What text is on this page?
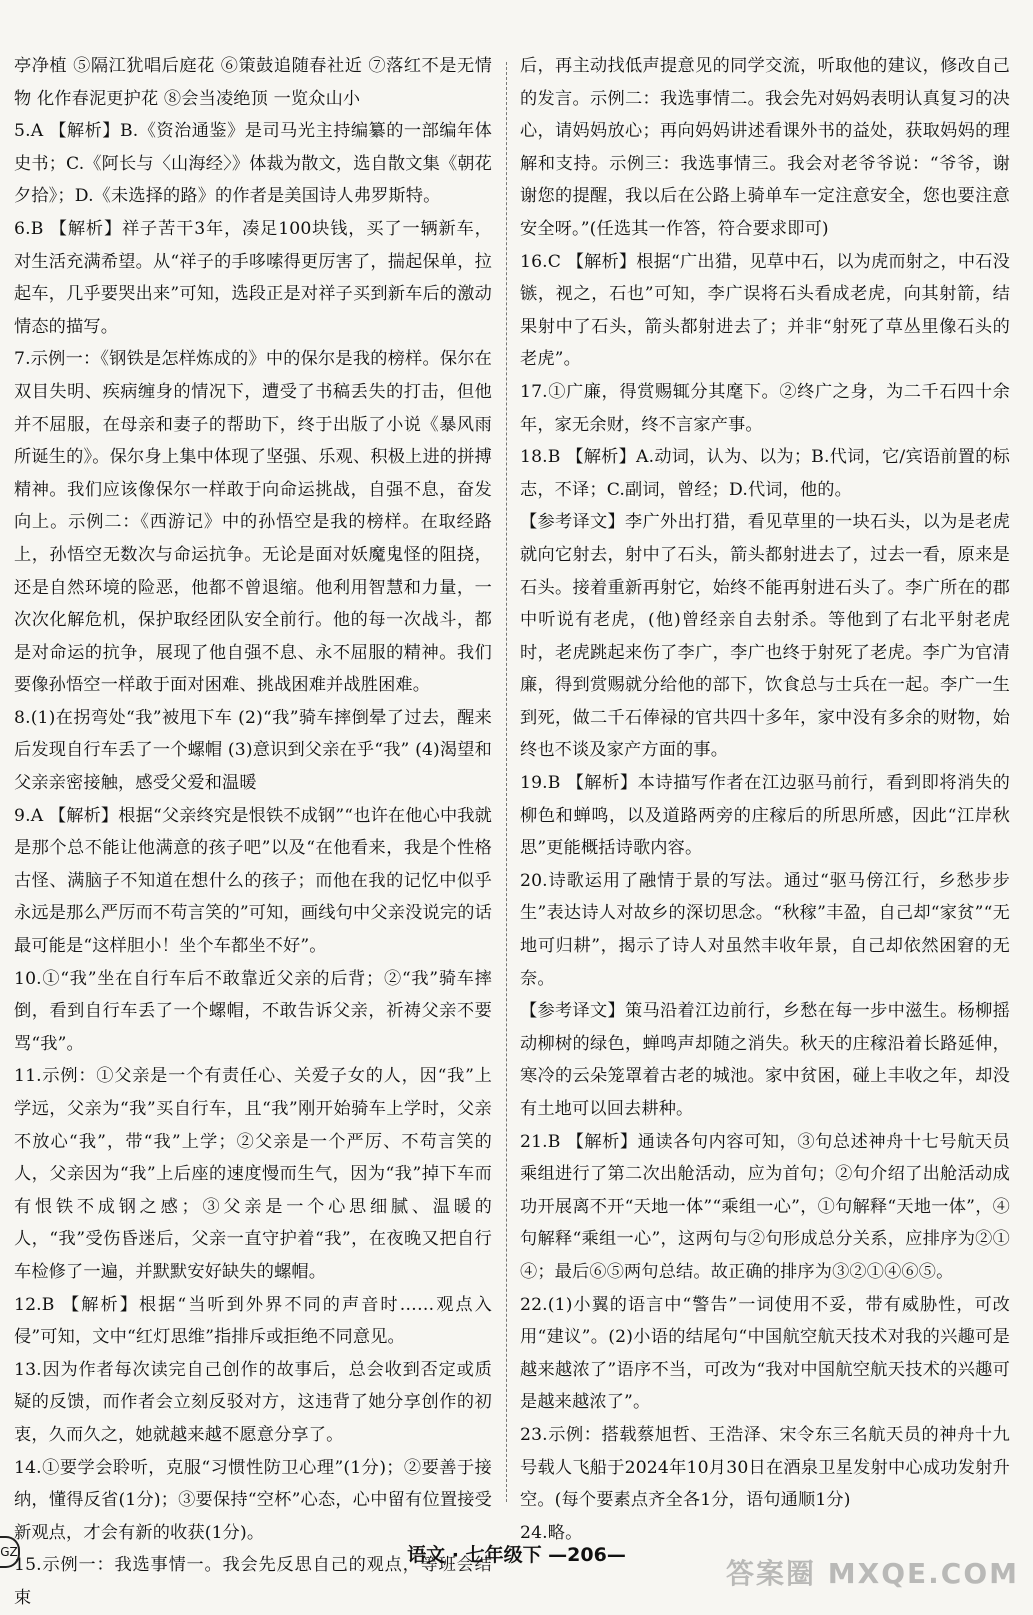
亭净植 ⑤隔江犹唱后庭花 ⑥策鼓追随春社近 ⑦落红不是无情物 化作春泥更护花 ⑧会当凌绝顶 一览众山小

5.A 【解析】B.《资治通鉴》是司马光主持编纂的一部编年体史书；C.《阿长与〈山海经〉》体裁为散文，选自散文集《朝花夕拾》；D.《未选择的路》的作者是美国诗人弗罗斯特。

6.B 【解析】祥子苦干3年，凑足100块钱，买了一辆新车，对生活充满希望。从“祥子的手哆嗦得更厉害了，揣起保单，拉起车，几乎要哭出来”可知，选段正是对祥子买到新车后的激动情态的描写。

7.示例一：《钢铁是怎样炼成的》中的保尔是我的榜样。保尔在双目失明、疾病缠身的情况下，遭受了书稿丢失的打击，但他并不屈服，在母亲和妻子的帮助下，终于出版了小说《暴风雨所诞生的》。保尔身上集中体现了坚强、乐观、积极上进的拼搏精神。我们应该像保尔一样敢于向命运挑战，自强不息，奋发向上。示例二：《西游记》中的孙悟空是我的榜样。在取经路上，孙悟空无数次与命运抗争。无论是面对妖魔鬼怪的阻挠，还是自然环境的险恶，他都不曾退缩。他利用智慧和力量，一次次化解危机，保护取经团队安全前行。他的每一次战斗，都是对命运的抗争，展现了他自强不息、永不屈服的精神。我们要像孙悟空一样敢于面对困难、挑战困难并战胜困难。

8.(1)在拐弯处“我”被甩下车 (2)“我”骑车摔倒晕了过去，醒来后发现自行车丢了一个螺帽 (3)意识到父亲在乎“我” (4)渴望和父亲亲密接触，感受父爱和温暖

9.A 【解析】根据“父亲终究是恨铁不成钢”“也许在他心中我就是那个总不能让他满意的孩子吧”以及“在他看来，我是个性格古怪、满脑子不知道在想什么的孩子；而他在我的记忆中似乎永远是那么严厉而不苟言笑的”可知，画线句中父亲没说完的话最可能是“这样胆小！坐个车都坐不好”。

10.①“我”坐在自行车后不敢靠近父亲的后背；②“我”骑车摔倒，看到自行车丢了一个螺帽，不敢告诉父亲，祈祷父亲不要骂“我”。

11.示例：①父亲是一个有责任心、关爱子女的人，因“我”上学远，父亲为“我”买自行车，且“我”刚开始骑车上学时，父亲不放心“我”，带“我”上学；②父亲是一个严厉、不苟言笑的人，父亲因为“我”上后座的速度慢而生气，因为“我”掉下车而有恨铁不成钢之感；③父亲是一个心思细腻、温暖的人，“我”受伤昏迷后，父亲一直守护着“我”，在夜晚又把自行车检修了一遍，并默默安好缺失的螺帽。

12.B 【解析】根据“当听到外界不同的声音时……观点入侵”可知，文中“红灯思维”指排斥或拒绝不同意见。

13.因为作者每次读完自己创作的故事后，总会收到否定或质疑的反馈，而作者会立刻反驳对方，这违背了她分享创作的初衷，久而久之，她就越来越不愿意分享了。

14.①要学会聆听，克服“习惯性防卫心理”(1分)；②要善于接纳，懂得反省(1分)；③要保持“空杯”心态，心中留有位置接受新观点，才会有新的收获(1分)。

15.示例一：我选事情一。我会先反思自己的观点，等班会结束

后，再主动找低声提意见的同学交流，听取他的建议，修改自己的发言。示例二：我选事情二。我会先对妈妈表明认真复习的决心，请妈妈放心；再向妈妈讲述看课外书的益处，获取妈妈的理解和支持。示例三：我选事情三。我会对老爷爷说：“爷爷，谢谢您的提醒，我以后在公路上骑单车一定注意安全，您也要注意安全呀。”(任选其一作答，符合要求即可)

16.C 【解析】根据“广出猎，见草中石，以为虎而射之，中石没镞，视之，石也”可知，李广误将石头看成老虎，向其射箭，结果射中了石头，箭头都射进去了；并非“射死了草丛里像石头的老虎”。

17.①广廉，得赏赐辄分其麾下。②终广之身，为二千石四十余年，家无余财，终不言家产事。

18.B 【解析】A.动词，认为、以为；B.代词，它/宾语前置的标志，不译；C.副词，曾经；D.代词，他的。

【参考译文】李广外出打猎，看见草里的一块石头，以为是老虎就向它射去，射中了石头，箭头都射进去了，过去一看，原来是石头。接着重新再射它，始终不能再射进石头了。李广所在的郡中听说有老虎，(他)曾经亲自去射杀。等他到了右北平射老虎时，老虎跳起来伤了李广，李广也终于射死了老虎。李广为官清廉，得到赏赐就分给他的部下，饮食总与士兵在一起。李广一生到死，做二千石俸禄的官共四十多年，家中没有多余的财物，始终也不谈及家产方面的事。

19.B 【解析】本诗描写作者在江边驱马前行，看到即将消失的柳色和蝉鸣，以及道路两旁的庄稼后的所思所感，因此“江岸秋思”更能概括诗歌内容。

20.诗歌运用了融情于景的写法。通过“驱马傍江行，乡愁步步生”表达诗人对故乡的深切思念。“秋稼”丰盈，自己却“家贫”“无地可归耕”，揭示了诗人对虽然丰收年景，自己却依然困窘的无奈。

【参考译文】策马沿着江边前行，乡愁在每一步中滋生。杨柳摇动柳树的绿色，蝉鸣声却随之消失。秋天的庄稼沿着长路延伸，寒冷的云朵笼罩着古老的城池。家中贫困，碰上丰收之年，却没有土地可以回去耕种。

21.B 【解析】通读各句内容可知，③句总述神舟十七号航天员乘组进行了第二次出舱活动，应为首句；②句介绍了出舱活动成功开展离不开“天地一体”“乘组一心”，①句解释“天地一体”，④句解释“乘组一心”，这两句与②句形成总分关系，应排序为②①④；最后⑥⑤两句总结。故正确的排序为③②①④⑥⑤。

22.(1)小翼的语言中“警告”一词使用不妥，带有威胁性，可改用“建议”。(2)小语的结尾句“中国航空航天技术对我的兴趣可是越来越浓了”语序不当，可改为“我对中国航空航天技术的兴趣可是越来越浓了”。

23.示例：搭载蔡旭哲、王浩泽、宋令东三名航天员的神舟十九号载人飞船于2024年10月30日在酒泉卫星发射中心成功发射升空。(每个要素点齐全各1分，语句通顺1分)

24.略。

GZ	语文 · 七年级下 —206—
答案圈 MXQE.COM
